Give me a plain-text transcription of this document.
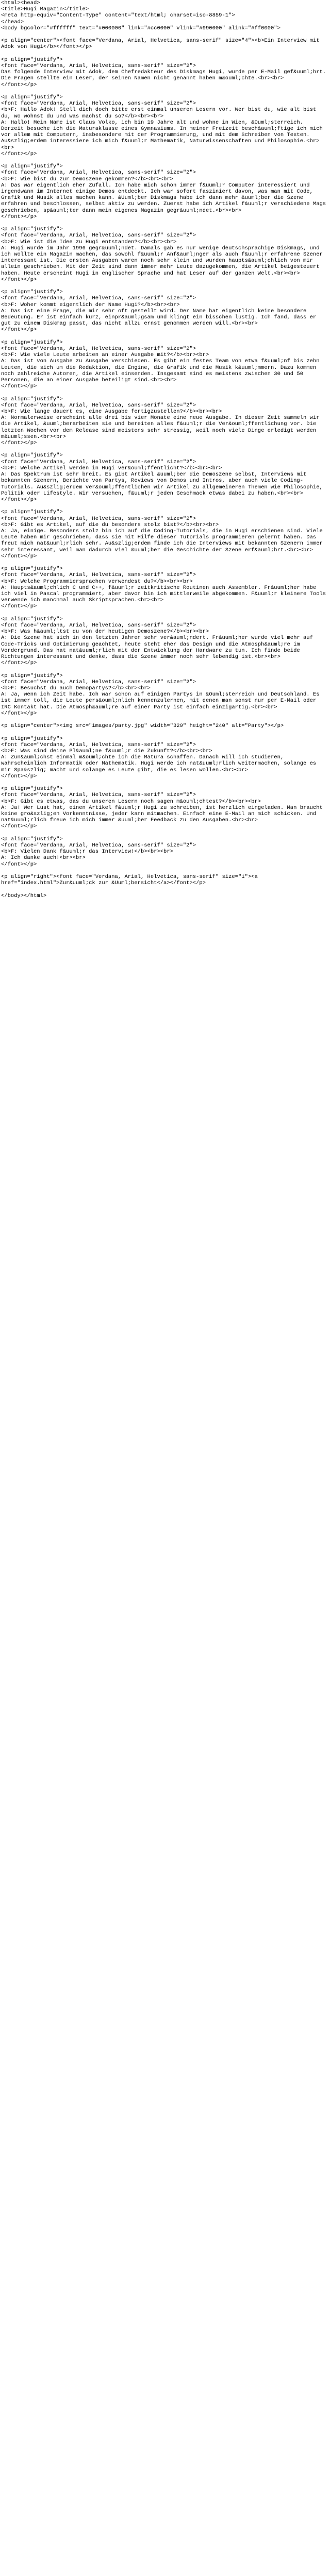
<html><head>
<title>Hugi Magazin</title>
<meta http-equiv="Content-Type" content="text/html; charset=iso-8859-1">
</head>
<body bgcolor="#ffffff" text="#000000" link="#cc0000" vlink="#990000" alink="#ff0000">
<p align="center"><font face="Verdana, Arial, Helvetica, sans-serif" size="4"><b>Ein Interview mit Adok von Hugi</b></font></p>
<p align="justify">
<font face="Verdana, Arial, Helvetica, sans-serif" size="2">
Das folgende Interview mit Adok, dem Chefredakteur des Diskmags Hugi, wurde per E-Mail gef&uuml;hrt. Die Fragen stellte ein Leser, der seinen Namen nicht genannt haben m&ouml;chte.<br><br>
</font></p>
<p align="justify">
<font face="Verdana, Arial, Helvetica, sans-serif" size="2">
<b>F: Hallo Adok! Stell dich doch bitte erst einmal unseren Lesern vor. Wer bist du, wie alt bist du, wo wohnst du und was machst du so?</b><br><br>
A: Hallo! Mein Name ist Claus Volko, ich bin 19 Jahre alt und wohne in Wien, &Ouml;sterreich. Derzeit besuche ich die Maturaklasse eines Gymnasiums. In meiner Freizeit besch&auml;ftige ich mich vor allem mit Computern, insbesondere mit der Programmierung, und mit dem Schreiben von Texten. Au&szlig;erdem interessiere ich mich f&uuml;r Mathematik, Naturwissenschaften und Philosophie.<br><br>
</font></p>
<p align="justify">
<font face="Verdana, Arial, Helvetica, sans-serif" size="2">
<b>F: Wie bist du zur Demoszene gekommen?</b><br><br>
A: Das war eigentlich eher Zufall. Ich habe mich schon immer f&uuml;r Computer interessiert und irgendwann im Internet einige Demos entdeckt. Ich war sofort fasziniert davon, was man mit Code, Grafik und Musik alles machen kann. &Uuml;ber Diskmags habe ich dann mehr &uuml;ber die Szene erfahren und beschlossen, selbst aktiv zu werden. Zuerst habe ich Artikel f&uuml;r verschiedene Mags geschrieben, sp&auml;ter dann mein eigenes Magazin gegr&uuml;ndet.<br><br>
</font></p>
<p align="justify">
<font face="Verdana, Arial, Helvetica, sans-serif" size="2">
<b>F: Wie ist die Idee zu Hugi entstanden?</b><br><br>
A: Hugi wurde im Jahr 1996 gegr&uuml;ndet. Damals gab es nur wenige deutschsprachige Diskmags, und ich wollte ein Magazin machen, das sowohl f&uuml;r Anf&auml;nger als auch f&uuml;r erfahrene Szener interessant ist. Die ersten Ausgaben waren noch sehr klein und wurden haupts&auml;chlich von mir allein geschrieben. Mit der Zeit sind dann immer mehr Leute dazugekommen, die Artikel beigesteuert haben. Heute erscheint Hugi in englischer Sprache und hat Leser auf der ganzen Welt.<br><br>
</font></p>
<p align="justify">
<font face="Verdana, Arial, Helvetica, sans-serif" size="2">
<b>F: Woher kommt eigentlich der Name Hugi?</b><br><br>
A: Das ist eine Frage, die mir sehr oft gestellt wird. Der Name hat eigentlich keine besondere Bedeutung. Er ist einfach kurz, einpr&auml;gsam und klingt ein bisschen lustig. Ich fand, dass er gut zu einem Diskmag passt, das nicht allzu ernst genommen werden will.<br><br>
</font></p>
<p align="justify">
<font face="Verdana, Arial, Helvetica, sans-serif" size="2">
<b>F: Wie viele Leute arbeiten an einer Ausgabe mit?</b><br><br>
A: Das ist von Ausgabe zu Ausgabe verschieden. Es gibt ein festes Team von etwa f&uuml;nf bis zehn Leuten, die sich um die Redaktion, die Engine, die Grafik und die Musik k&uuml;mmern. Dazu kommen noch zahlreiche Autoren, die Artikel einsenden. Insgesamt sind es meistens zwischen 30 und 50 Personen, die an einer Ausgabe beteiligt sind.<br><br>
</font></p>
<p align="justify">
<font face="Verdana, Arial, Helvetica, sans-serif" size="2">
<b>F: Wie lange dauert es, eine Ausgabe fertigzustellen?</b><br><br>
A: Normalerweise erscheint alle drei bis vier Monate eine neue Ausgabe. In dieser Zeit sammeln wir die Artikel, &uuml;berarbeiten sie und bereiten alles f&uuml;r die Ver&ouml;ffentlichung vor. Die letzten Wochen vor dem Release sind meistens sehr stressig, weil noch viele Dinge erledigt werden m&uuml;ssen.<br><br>
</font></p>
<p align="justify">
<font face="Verdana, Arial, Helvetica, sans-serif" size="2">
<b>F: Welche Artikel werden in Hugi ver&ouml;ffentlicht?</b><br><br>
A: Das Spektrum ist sehr breit. Es gibt Artikel &uuml;ber die Demoszene selbst, Interviews mit bekannten Szenern, Berichte von Partys, Reviews von Demos und Intros, aber auch viele Coding-Tutorials. Au&szlig;erdem ver&ouml;ffentlichen wir Artikel zu allgemeineren Themen wie Philosophie, Politik oder Lifestyle. Wir versuchen, f&uuml;r jeden Geschmack etwas dabei zu haben.<br><br>
</font></p>
<p align="justify">
<font face="Verdana, Arial, Helvetica, sans-serif" size="2">
<b>F: Gibt es Artikel, auf die du besonders stolz bist?</b><br><br>
A: Ja, einige. Besonders stolz bin ich auf die Coding-Tutorials, die in Hugi erschienen sind. Viele Leute haben mir geschrieben, dass sie mit Hilfe dieser Tutorials programmieren gelernt haben. Das freut mich nat&uuml;rlich sehr. Au&szlig;erdem finde ich die Interviews mit bekannten Szenern immer sehr interessant, weil man dadurch viel &uuml;ber die Geschichte der Szene erf&auml;hrt.<br><br>
</font></p>
<p align="justify">
<font face="Verdana, Arial, Helvetica, sans-serif" size="2">
<b>F: Welche Programmiersprachen verwendest du?</b><br><br>
A: Haupts&auml;chlich C und C++, f&uuml;r zeitkritische Routinen auch Assembler. Fr&uuml;her habe ich viel in Pascal programmiert, aber davon bin ich mittlerweile abgekommen. F&uuml;r kleinere Tools verwende ich manchmal auch Skriptsprachen.<br><br>
</font></p>
<p align="justify">
<font face="Verdana, Arial, Helvetica, sans-serif" size="2">
<b>F: Was h&auml;ltst du von der heutigen Demoszene?</b><br><br>
A: Die Szene hat sich in den letzten Jahren sehr ver&auml;ndert. Fr&uuml;her wurde viel mehr auf Code-Tricks und Optimierung geachtet, heute steht eher das Design und die Atmosph&auml;re im Vordergrund. Das hat nat&uuml;rlich mit der Entwicklung der Hardware zu tun. Ich finde beide Richtungen interessant und denke, dass die Szene immer noch sehr lebendig ist.<br><br>
</font></p>
<p align="justify">
<font face="Verdana, Arial, Helvetica, sans-serif" size="2">
<b>F: Besuchst du auch Demopartys?</b><br><br>
A: Ja, wenn ich Zeit habe. Ich war schon auf einigen Partys in &Ouml;sterreich und Deutschland. Es ist immer toll, die Leute pers&ouml;nlich kennenzulernen, mit denen man sonst nur per E-Mail oder IRC Kontakt hat. Die Atmosph&auml;re auf einer Party ist einfach einzigartig.<br><br>
</font></p>
<p align="center"><img src="images/party.jpg" width="320" height="240" alt="Party"></p>
<p align="justify">
<font face="Verdana, Arial, Helvetica, sans-serif" size="2">
<b>F: Was sind deine Pl&auml;ne f&uuml;r die Zukunft?</b><br><br>
A: Zun&auml;chst einmal m&ouml;chte ich die Matura schaffen. Danach will ich studieren, wahrscheinlich Informatik oder Mathematik. Hugi werde ich nat&uuml;rlich weitermachen, solange es mir Spa&szlig; macht und solange es Leute gibt, die es lesen wollen.<br><br>
</font></p>
<p align="justify">
<font face="Verdana, Arial, Helvetica, sans-serif" size="2">
<b>F: Gibt es etwas, das du unseren Lesern noch sagen m&ouml;chtest?</b><br><br>
A: Ja! Wer Lust hat, einen Artikel f&uuml;r Hugi zu schreiben, ist herzlich eingeladen. Man braucht keine gro&szlig;en Vorkenntnisse, jeder kann mitmachen. Einfach eine E-Mail an mich schicken. Und nat&uuml;rlich freue ich mich immer &uuml;ber Feedback zu den Ausgaben.<br><br>
</font></p>
<p align="justify">
<font face="Verdana, Arial, Helvetica, sans-serif" size="2">
<b>F: Vielen Dank f&uuml;r das Interview!</b><br><br>
A: Ich danke auch!<br><br>
</font></p>
<p align="right"><font face="Verdana, Arial, Helvetica, sans-serif" size="1"><a href="index.html">Zur&uuml;ck zur &Uuml;bersicht</a></font></p>
</body></html>
